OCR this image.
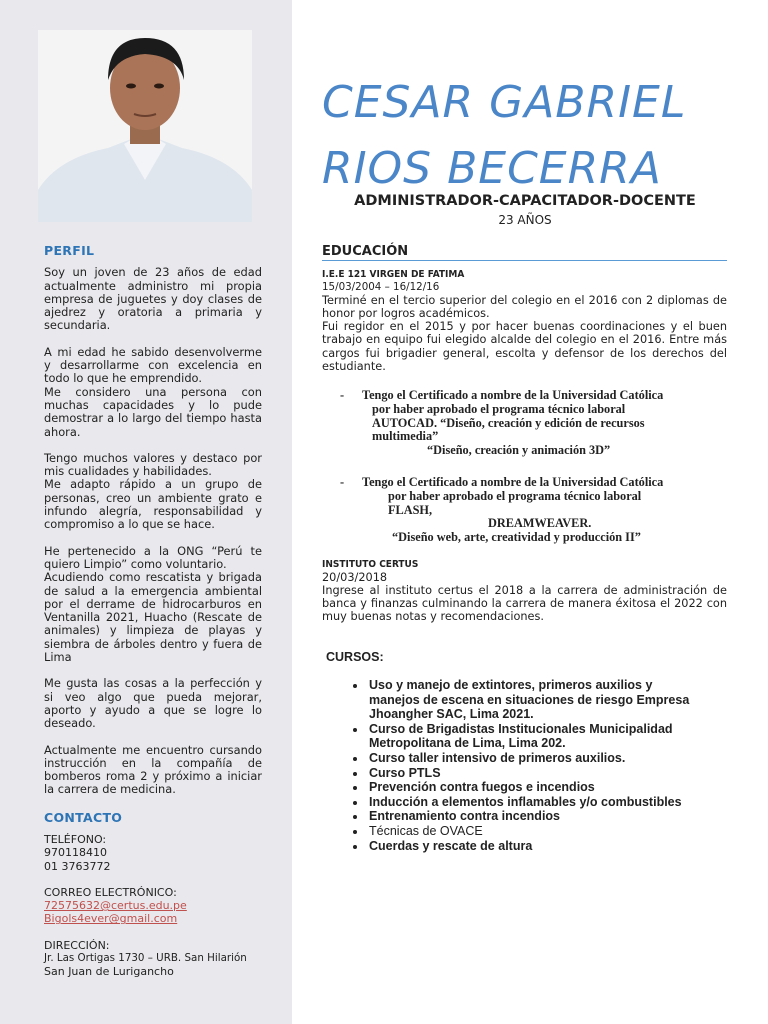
PERFIL

Soy un joven de 23 años de edad actualmente administro mi propia empresa de juguetes y doy clases de ajedrez y oratoria a primaria y secundaria.

A mi edad he sabido desenvolverme y desarrollarme con excelencia en todo lo que he emprendido.

Me considero una persona con muchas capacidades y lo pude demostrar a lo largo del tiempo hasta ahora.

Tengo muchos valores y destaco por mis cualidades y habilidades.

Me adapto rápido a un grupo de personas, creo un ambiente grato e infundo alegría, responsabilidad y compromiso a lo que se hace.

He pertenecido a la ONG “Perú te quiero Limpio” como voluntario.

Acudiendo como rescatista y brigada de salud a la emergencia ambiental por el derrame de hidrocarburos en Ventanilla 2021, Huacho (Rescate de animales) y limpieza de playas y siembra de árboles dentro y fuera de Lima

Me gusta las cosas a la perfección y si veo algo que pueda mejorar, aporto y ayudo a que se logre lo deseado.

Actualmente me encuentro cursando instrucción en la compañía de bomberos roma 2 y próximo a iniciar la carrera de medicina.

CONTACTO
TELÉFONO:
970118410
01 3763772
CORREO ELECTRÓNICO:
72575632@certus.edu.pe
Bigols4ever@gmail.com
DIRECCIÓN:
Jr. Las Ortigas 1730 – URB. San Hilarión
San Juan de Lurigancho
CESAR GABRIEL
RIOS BECERRA
ADMINISTRADOR-CAPACITADOR-DOCENTE
23 AÑOS
EDUCACIÓN
I.E.E 121 VIRGEN DE FATIMA
15/03/2004 – 16/12/16
Terminé en el tercio superior del colegio en el 2016 con 2 diplomas de honor por logros académicos.
Fui regidor en el 2015 y por hacer buenas coordinaciones y el buen trabajo en equipo fui elegido alcalde del colegio en el 2016. Entre más cargos fui brigadier general, escolta y defensor de los derechos del estudiante.
- Tengo el Certificado a nombre de la Universidad Católica
por haber aprobado el programa técnico laboral
AUTOCAD. “Diseño, creación y edición de recursos
multimedia”
“Diseño, creación y animación 3D”
- Tengo el Certificado a nombre de la Universidad Católica
por haber aprobado el programa técnico laboral
FLASH,
DREAMWEAVER.
“Diseño web, arte, creatividad y producción II”
INSTITUTO CERTUS
20/03/2018
Ingrese al instituto certus el 2018 a la carrera de administración de banca y finanzas culminando la carrera de manera éxitosa el 2022 con muy buenas notas y recomendaciones.
CURSOS:
• Uso y manejo de extintores, primeros auxilios y manejos de escena en situaciones de riesgo Empresa Jhoangher SAC, Lima 2021.
• Curso de Brigadistas Institucionales Municipalidad Metropolitana de Lima, Lima 202.
• Curso taller intensivo de primeros auxilios.
• Curso PTLS
• Prevención contra fuegos e incendios
• Inducción a elementos inflamables y/o combustibles
• Entrenamiento contra incendios
• Técnicas de OVACE
• Cuerdas y rescate de altura
